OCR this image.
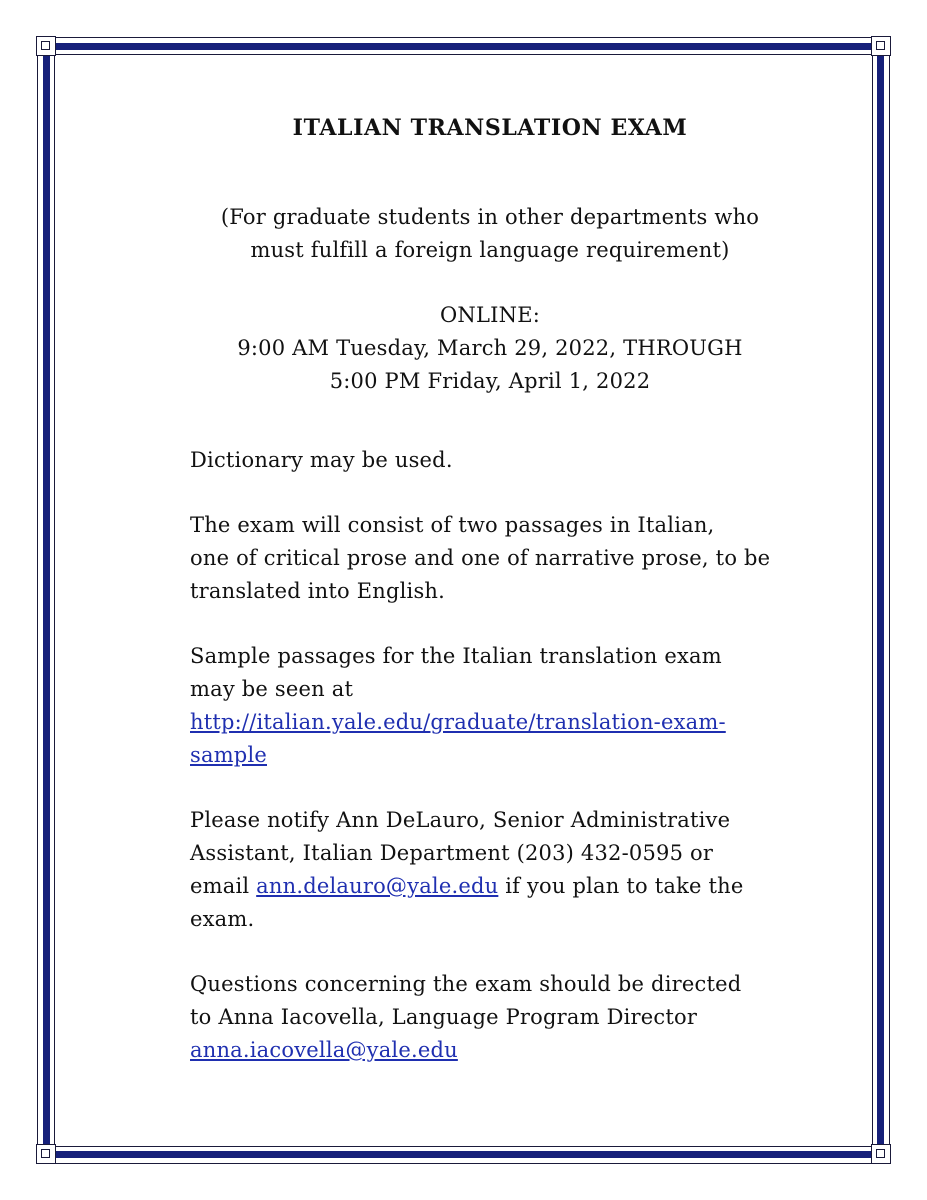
ITALIAN TRANSLATION EXAM
(For graduate students in other departments who
must fulfill a foreign language requirement)
ONLINE:
9:00 AM Tuesday, March 29, 2022, THROUGH
5:00 PM Friday, April 1, 2022

Dictionary may be used.

The exam will consist of two passages in Italian,
one of critical prose and one of narrative prose, to be
translated into English.

Sample passages for the Italian translation exam
may be seen at
http://italian.yale.edu/graduate/translation-exam-
sample

Please notify Ann DeLauro, Senior Administrative
Assistant, Italian Department (203) 432-0595 or
email ann.delauro@yale.edu if you plan to take the
exam.

Questions concerning the exam should be directed
to Anna Iacovella, Language Program Director
anna.iacovella@yale.edu
